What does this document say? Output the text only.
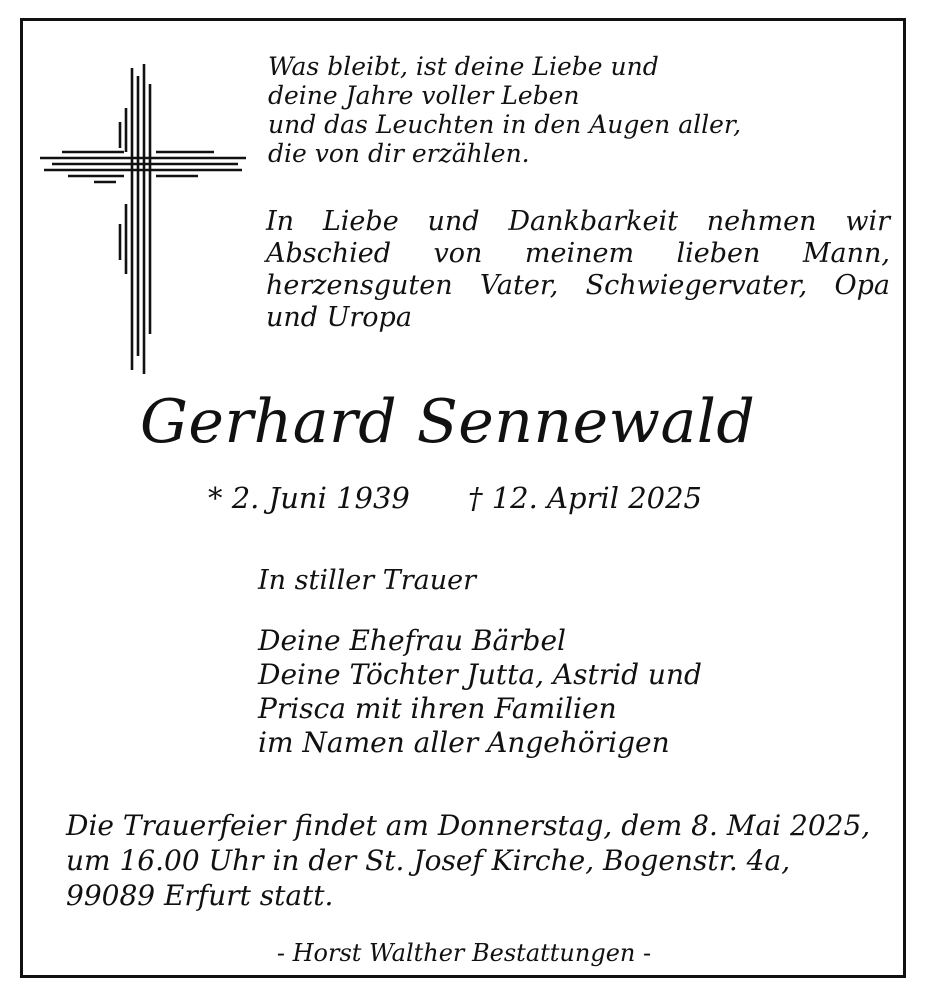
Was bleibt, ist deine Liebe und
deine Jahre voller Leben
und das Leuchten in den Augen aller,
die von dir erzählen.
In Liebe und Dankbarkeit nehmen wir
Abschied von meinem lieben Mann,
herzensguten Vater, Schwiegervater, Opa
und Uropa
Gerhard Sennewald
* 2. Juni 1939 † 12. April 2025
In stiller Trauer
Deine Ehefrau Bärbel
Deine Töchter Jutta, Astrid und
Prisca mit ihren Familien
im Namen aller Angehörigen
Die Trauerfeier findet am Donnerstag, dem 8. Mai 2025,
um 16.00 Uhr in der St. Josef Kirche, Bogenstr. 4a,
99089 Erfurt statt.
- Horst Walther Bestattungen -
